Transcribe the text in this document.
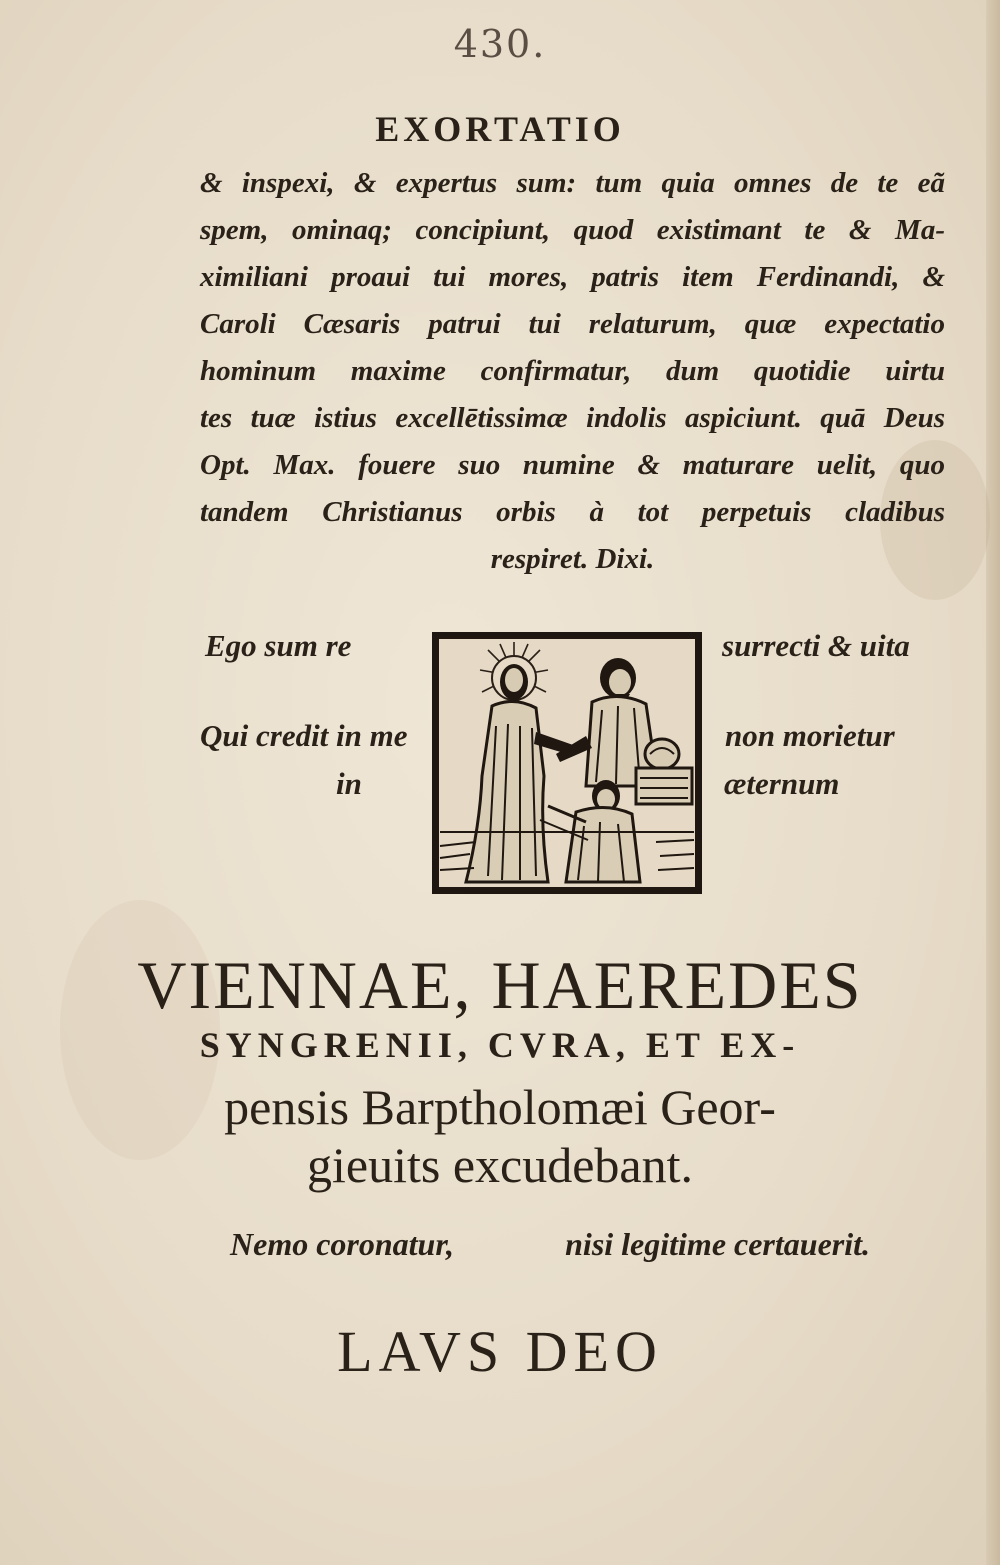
430.
EXORTATIO
& inspexi, & expertus sum: tum quia omnes de te eã
spem, ominaq; concipiunt, quod existimant te & Ma-
ximiliani proaui tui mores, patris item Ferdinandi, &
Caroli Cæsaris patrui tui relaturum, quæ expectatio
hominum maxime confirmatur, dum quotidie uirtu
tes tuæ istius excellētissimæ indolis aspiciunt. quā Deus
Opt. Max. fouere suo numine & maturare uelit, quo
tandem Christianus orbis à tot perpetuis cladibus
respiret. Dixi.
Ego sum re	surrecti & uita
Qui credit in me	non morietur
in	æternum
VIENNAE, HAEREDES
SYNGRENII, CVRA, ET EX-
pensis Barptholomæi Geor-
gieuits excudebant.
Nemo coronatur,	nisi legitime certauerit.
LAVS DEO
